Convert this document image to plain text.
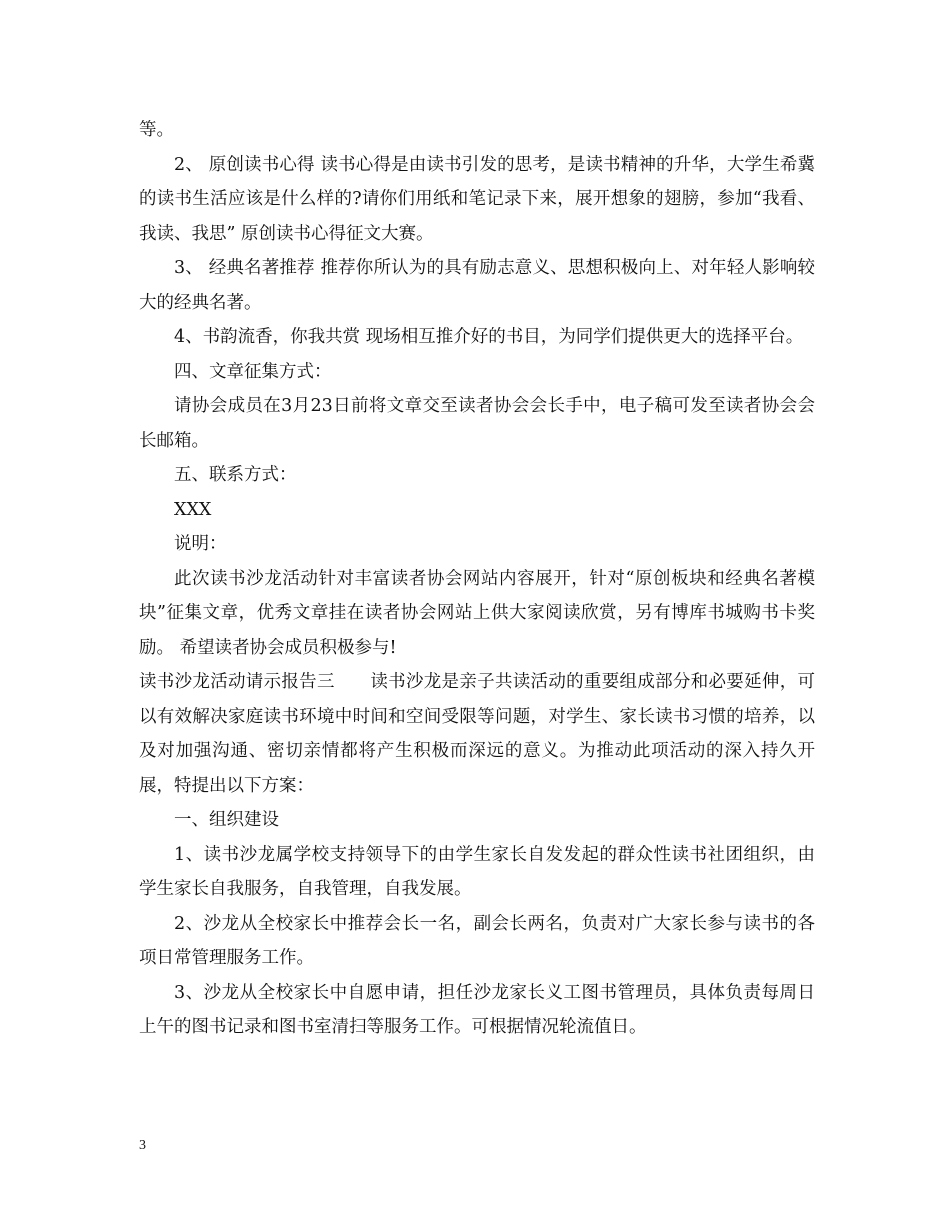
等。

2、 原创读书心得 读书心得是由读书引发的思考，是读书精神的升华，大学生希冀的读书生活应该是什么样的?请你们用纸和笔记录下来，展开想象的翅膀，参加“我看、我读、我思” 原创读书心得征文大赛。

3、 经典名著推荐 推荐你所认为的具有励志意义、思想积极向上、对年轻人影响较大的经典名著。

4、书韵流香，你我共赏 现场相互推介好的书目，为同学们提供更大的选择平台。

四、文章征集方式：

请协会成员在3月23日前将文章交至读者协会会长手中，电子稿可发至读者协会会长邮箱。

五、联系方式：

XXX

说明：

此次读书沙龙活动针对丰富读者协会网站内容展开，针对“原创板块和经典名著模块”征集文章，优秀文章挂在读者协会网站上供大家阅读欣赏，另有博库书城购书卡奖励。 希望读者协会成员积极参与!

读书沙龙活动请示报告三　　读书沙龙是亲子共读活动的重要组成部分和必要延伸，可以有效解决家庭读书环境中时间和空间受限等问题，对学生、家长读书习惯的培养，以及对加强沟通、密切亲情都将产生积极而深远的意义。为推动此项活动的深入持久开展，特提出以下方案：

一、组织建设

1、读书沙龙属学校支持领导下的由学生家长自发发起的群众性读书社团组织，由学生家长自我服务，自我管理，自我发展。

2、沙龙从全校家长中推荐会长一名，副会长两名，负责对广大家长参与读书的各项日常管理服务工作。

3、沙龙从全校家长中自愿申请，担任沙龙家长义工图书管理员，具体负责每周日上午的图书记录和图书室清扫等服务工作。可根据情况轮流值日。

3
